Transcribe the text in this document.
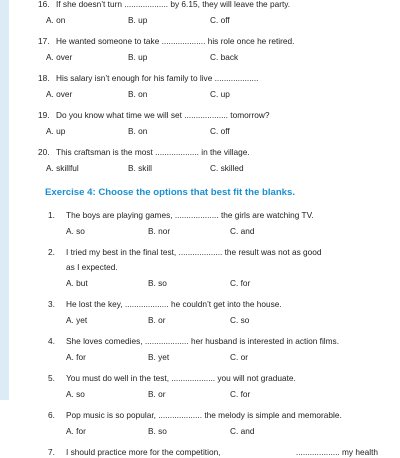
16. If she doesn’t turn ................... by 6.15, they will leave the party.
A. on	B. up	C. off
17. He wanted someone to take ................... his role once he retired.
A. over	B. up	C. back
18. His salary isn’t enough for his family to live ...................
A. over	B. on	C. up
19. Do you know what time we will set ................... tomorrow?
A. up	B. on	C. off
20. This craftsman is the most ................... in the village.
A. skillful	B. skill	C. skilled
Exercise 4: Choose the options that best fit the blanks.
1.	The boys are playing games, ................... the girls are watching TV.
A. so	B. nor	C. and
2.	I tried my best in the final test, ................... the result was not as good
as I expected.
A. but	B. so	C. for
3.	He lost the key, ................... he couldn’t get into the house.
A. yet	B. or	C. so
4.	She loves comedies, ................... her husband is interested in action films.
A. for	B. yet	C. or
5.	You must do well in the test, ................... you will not graduate.
A. so	B. or	C. for
6.	Pop music is so popular, ................... the melody is simple and memorable.
A. for	B. so	C. and
7.	I should practice more for the competition,	................... my health
